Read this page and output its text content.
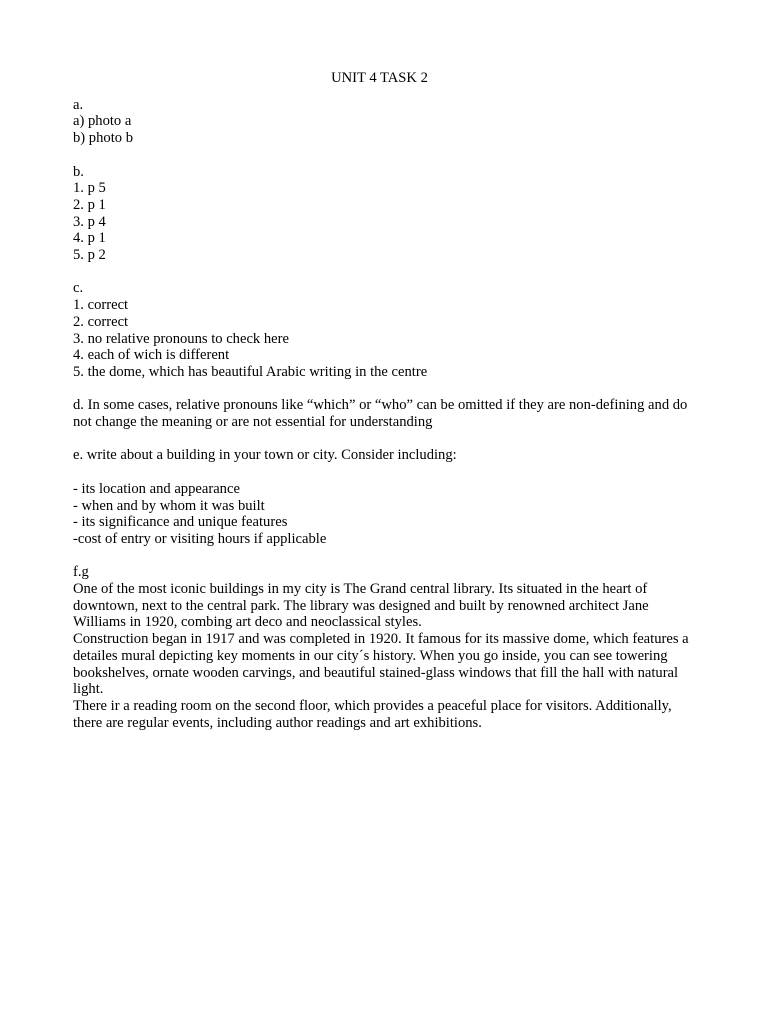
UNIT 4 TASK 2

a.

a) photo a

b) photo b

b.

1. p 5

2. p 1

3. p 4

4. p 1

5. p 2

c.

1. correct

2. correct

3. no relative pronouns to check here

4. each of wich is different

5. the dome, which has beautiful Arabic writing in the centre

d. In some cases, relative pronouns like “which” or “who” can be omitted if they are non-defining and do not change the meaning or are not essential for understanding

e. write about a building in your town or city. Consider including:

- its location and appearance

- when and by whom it was built

- its significance and unique features

-cost of entry or visiting hours if applicable

f.g

One of the most iconic buildings in my city is The Grand central library. Its situated in the heart of downtown, next to the central park. The library was designed and built by renowned architect Jane Williams in 1920, combing art deco and neoclassical styles.

Construction began in 1917 and was completed in 1920. It famous for its massive dome, which features a detailes mural depicting key moments in our city´s history. When you go inside, you can see towering bookshelves, ornate wooden carvings, and beautiful stained-glass windows that fill the hall with natural light.

There ir a reading room on the second floor, which provides a peaceful place for visitors. Additionally, there are regular events, including author readings and art exhibitions.
